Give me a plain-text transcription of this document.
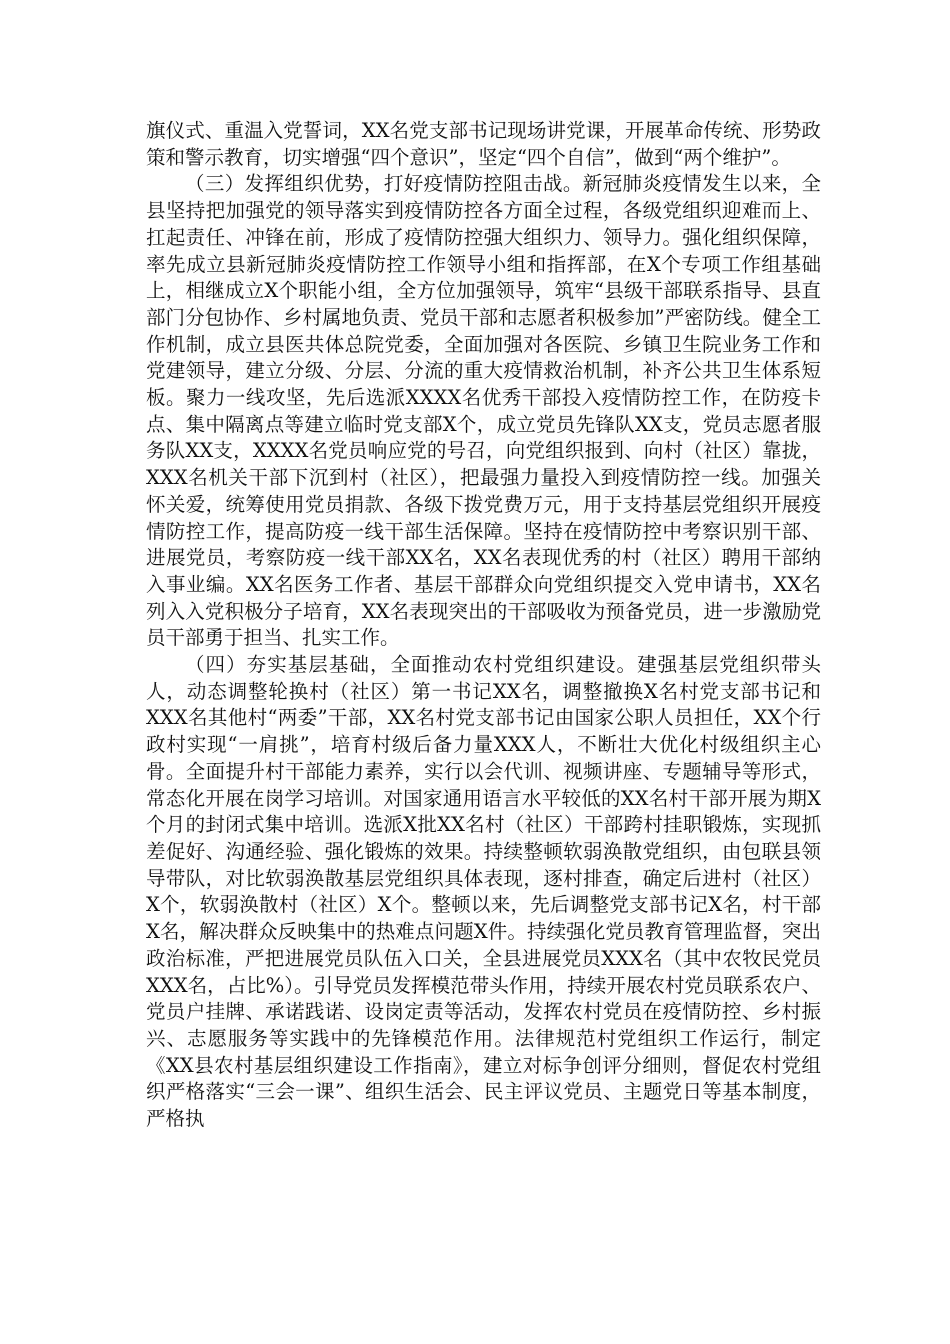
旗仪式、重温入党誓词，XX名党支部书记现场讲党课，开展革命传统、形势政策和警示教育，切实增强“四个意识”，坚定“四个自信”，做到“两个维护”。

（三）发挥组织优势，打好疫情防控阻击战。新冠肺炎疫情发生以来，全县坚持把加强党的领导落实到疫情防控各方面全过程，各级党组织迎难而上、扛起责任、冲锋在前，形成了疫情防控强大组织力、领导力。强化组织保障，率先成立县新冠肺炎疫情防控工作领导小组和指挥部，在X个专项工作组基础上，相继成立X个职能小组，全方位加强领导，筑牢“县级干部联系指导、县直部门分包协作、乡村属地负责、党员干部和志愿者积极参加”严密防线。健全工作机制，成立县医共体总院党委，全面加强对各医院、乡镇卫生院业务工作和党建领导，建立分级、分层、分流的重大疫情救治机制，补齐公共卫生体系短板。聚力一线攻坚，先后选派XXXX名优秀干部投入疫情防控工作，在防疫卡点、集中隔离点等建立临时党支部X个，成立党员先锋队XX支，党员志愿者服务队XX支，XXXX名党员响应党的号召，向党组织报到、向村（社区）靠拢，XXX名机关干部下沉到村（社区），把最强力量投入到疫情防控一线。加强关怀关爱，统筹使用党员捐款、各级下拨党费万元，用于支持基层党组织开展疫情防控工作，提高防疫一线干部生活保障。坚持在疫情防控中考察识别干部、进展党员，考察防疫一线干部XX名，XX名表现优秀的村（社区）聘用干部纳入事业编。XX名医务工作者、基层干部群众向党组织提交入党申请书，XX名列入入党积极分子培育，XX名表现突出的干部吸收为预备党员，进一步激励党员干部勇于担当、扎实工作。

（四）夯实基层基础，全面推动农村党组织建设。建强基层党组织带头人，动态调整轮换村（社区）第一书记XX名，调整撤换X名村党支部书记和XXX名其他村“两委”干部，XX名村党支部书记由国家公职人员担任，XX个行政村实现“一肩挑”，培育村级后备力量XXX人，不断壮大优化村级组织主心骨。全面提升村干部能力素养，实行以会代训、视频讲座、专题辅导等形式，常态化开展在岗学习培训。对国家通用语言水平较低的XX名村干部开展为期X个月的封闭式集中培训。选派X批XX名村（社区）干部跨村挂职锻炼，实现抓差促好、沟通经验、强化锻炼的效果。持续整顿软弱涣散党组织，由包联县领导带队，对比软弱涣散基层党组织具体表现，逐村排查，确定后进村（社区）X个，软弱涣散村（社区）X个。整顿以来，先后调整党支部书记X名，村干部X名，解决群众反映集中的热难点问题X件。持续强化党员教育管理监督，突出政治标准，严把进展党员队伍入口关，全县进展党员XXX名（其中农牧民党员XXX名，占比%）。引导党员发挥模范带头作用，持续开展农村党员联系农户、党员户挂牌、承诺践诺、设岗定责等活动，发挥农村党员在疫情防控、乡村振兴、志愿服务等实践中的先锋模范作用。法律规范村党组织工作运行，制定《XX县农村基层组织建设工作指南》，建立对标争创评分细则，督促农村党组织严格落实“三会一课”、组织生活会、民主评议党员、主题党日等基本制度，严格执
